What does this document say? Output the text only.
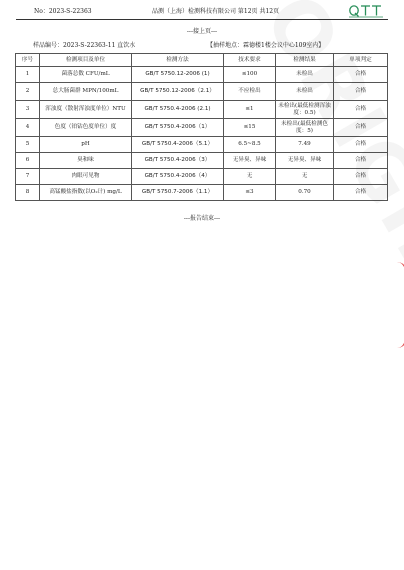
No：2023-S-22363	品测（上海）检测科技有限公司 第12页 共12页
---接上页---
样品编号：2023-S-22363-11 直饮水	【抽样地点：霖德楼1楼会议中心109室内】
序号	检测项目及单位	检测方法	技术要求	检测结果	单项判定
1	菌落总数 CFU/mL	GB/T 5750.12-2006 (1)	≤100	未检出	合格
2	总大肠菌群 MPN/100mL	GB/T 5750.12-2006（2.1）	不应检出	未检出	合格
3	浑浊度（散射浑浊度单位）NTU	GB/T 5750.4-2006 (2.1)	≤1	未检出(最低检测浑浊度：0.5)	合格
4	色度（铂钴色度单位）度	GB/T 5750.4-2006（1）	≤15	未检出(最低检测色度：5)	合格
5	pH	GB/T 5750.4-2006（5.1）	6.5~8.5	7.49	合格
6	臭和味	GB/T 5750.4-2006（3）	无异臭、异味	无异臭、异味	合格
7	肉眼可见物	GB/T 5750.4-2006（4）	无	无	合格
8	高锰酸盐指数(以O₂计) mg/L	GB/T 5750.7-2006（1.1）	≤3	0.70	合格
---报告结束---
